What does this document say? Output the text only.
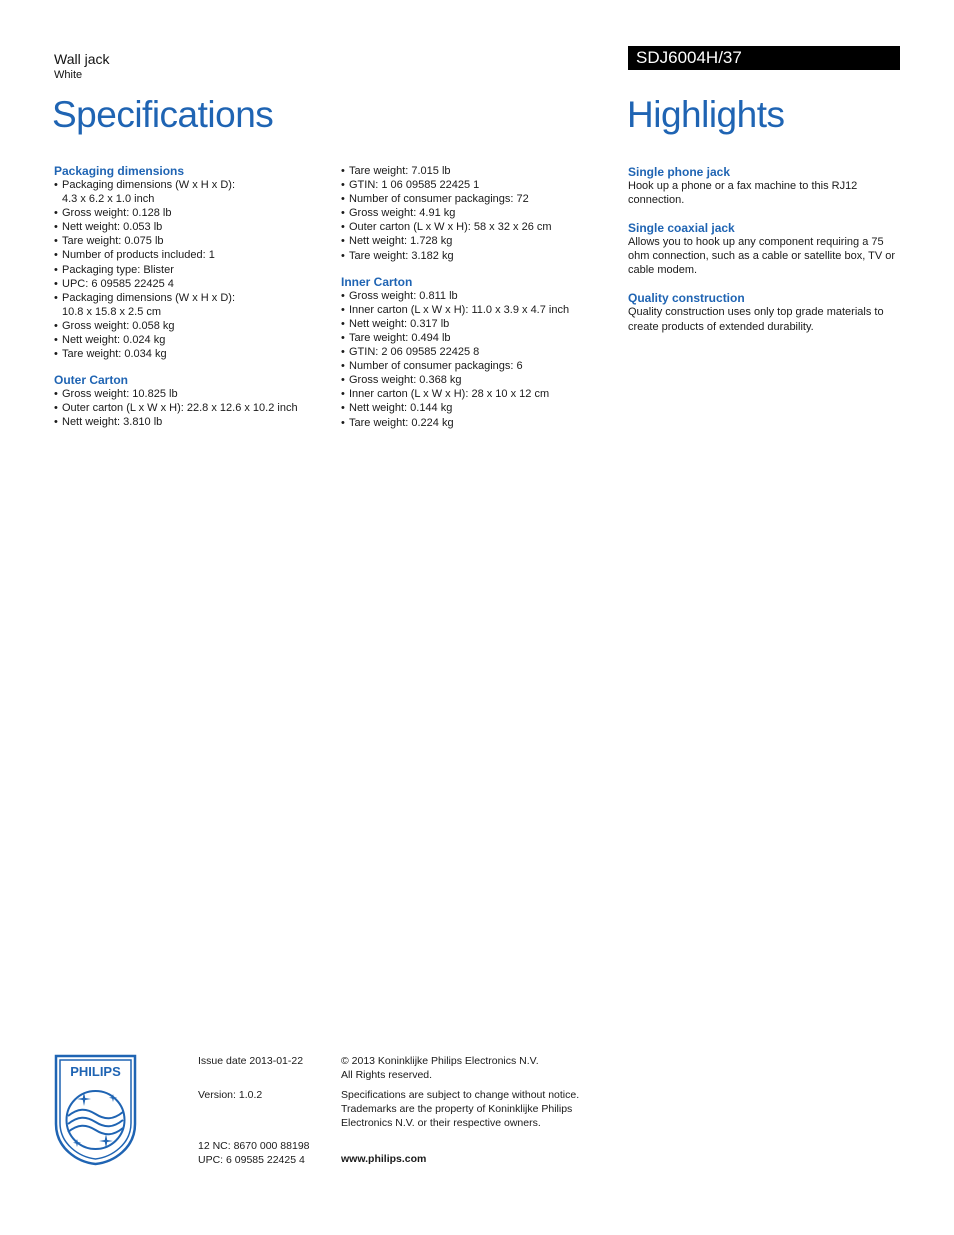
Wall jack
White
SDJ6004H/37
Specifications	Highlights
Packaging dimensions
• Packaging dimensions (W x H x D):
4.3 x 6.2 x 1.0 inch
• Gross weight: 0.128 lb
• Nett weight: 0.053 lb
• Tare weight: 0.075 lb
• Number of products included: 1
• Packaging type: Blister
• UPC: 6 09585 22425 4
• Packaging dimensions (W x H x D):
10.8 x 15.8 x 2.5 cm
• Gross weight: 0.058 kg
• Nett weight: 0.024 kg
• Tare weight: 0.034 kg
Outer Carton
• Gross weight: 10.825 lb
• Outer carton (L x W x H): 22.8 x 12.6 x 10.2 inch
• Nett weight: 3.810 lb
• Tare weight: 7.015 lb
• GTIN: 1 06 09585 22425 1
• Number of consumer packagings: 72
• Gross weight: 4.91 kg
• Outer carton (L x W x H): 58 x 32 x 26 cm
• Nett weight: 1.728 kg
• Tare weight: 3.182 kg
Inner Carton
• Gross weight: 0.811 lb
• Inner carton (L x W x H): 11.0 x 3.9 x 4.7 inch
• Nett weight: 0.317 lb
• Tare weight: 0.494 lb
• GTIN: 2 06 09585 22425 8
• Number of consumer packagings: 6
• Gross weight: 0.368 kg
• Inner carton (L x W x H): 28 x 10 x 12 cm
• Nett weight: 0.144 kg
• Tare weight: 0.224 kg
Single phone jack
Hook up a phone or a fax machine to this RJ12 connection.
Single coaxial jack
Allows you to hook up any component requiring a 75 ohm connection, such as a cable or satellite box, TV or cable modem.
Quality construction
Quality construction uses only top grade materials to create products of extended durability.
PHILIPS
Issue date 2013-01-22
Version: 1.0.2
12 NC: 8670 000 88198
UPC: 6 09585 22425 4
© 2013 Koninklijke Philips Electronics N.V.
All Rights reserved.
Specifications are subject to change without notice.
Trademarks are the property of Koninklijke Philips
Electronics N.V. or their respective owners.
www.philips.com
